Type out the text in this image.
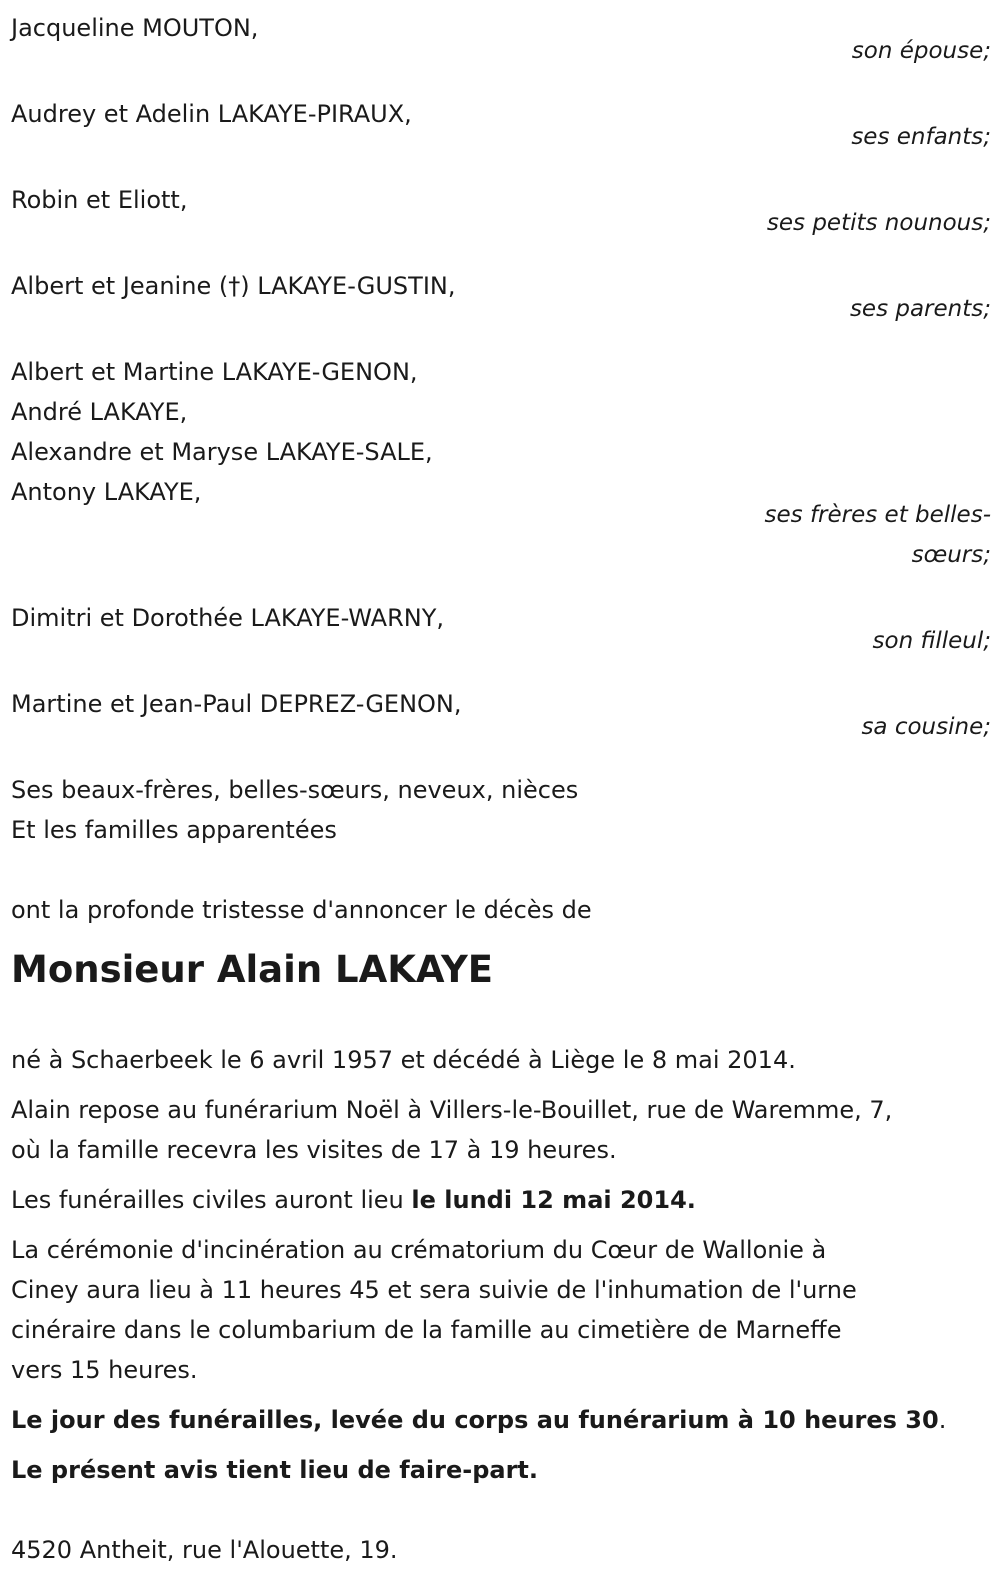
Jacqueline MOUTON,
son épouse;
Audrey et Adelin LAKAYE-PIRAUX,
ses enfants;
Robin et Eliott,
ses petits nounous;
Albert et Jeanine (†) LAKAYE-GUSTIN,
ses parents;
Albert et Martine LAKAYE-GENON,
André LAKAYE,
Alexandre et Maryse LAKAYE-SALE,
Antony LAKAYE,
ses frères et belles-
sœurs;
Dimitri et Dorothée LAKAYE-WARNY,
son filleul;
Martine et Jean-Paul DEPREZ-GENON,
sa cousine;
Ses beaux-frères, belles-sœurs, neveux, nièces
Et les familles apparentées
ont la profonde tristesse d'annoncer le décès de
Monsieur Alain LAKAYE
né à Schaerbeek le 6 avril 1957 et décédé à Liège le 8 mai 2014.
Alain repose au funérarium Noël à Villers-le-Bouillet, rue de Waremme, 7,
où la famille recevra les visites de 17 à 19 heures.
Les funérailles civiles auront lieu le lundi 12 mai 2014.
La cérémonie d'incinération au crématorium du Cœur de Wallonie à
Ciney aura lieu à 11 heures 45 et sera suivie de l'inhumation de l'urne
cinéraire dans le columbarium de la famille au cimetière de Marneffe
vers 15 heures.
Le jour des funérailles, levée du corps au funérarium à 10 heures 30.
Le présent avis tient lieu de faire-part.
4520 Antheit, rue l'Alouette, 19.
